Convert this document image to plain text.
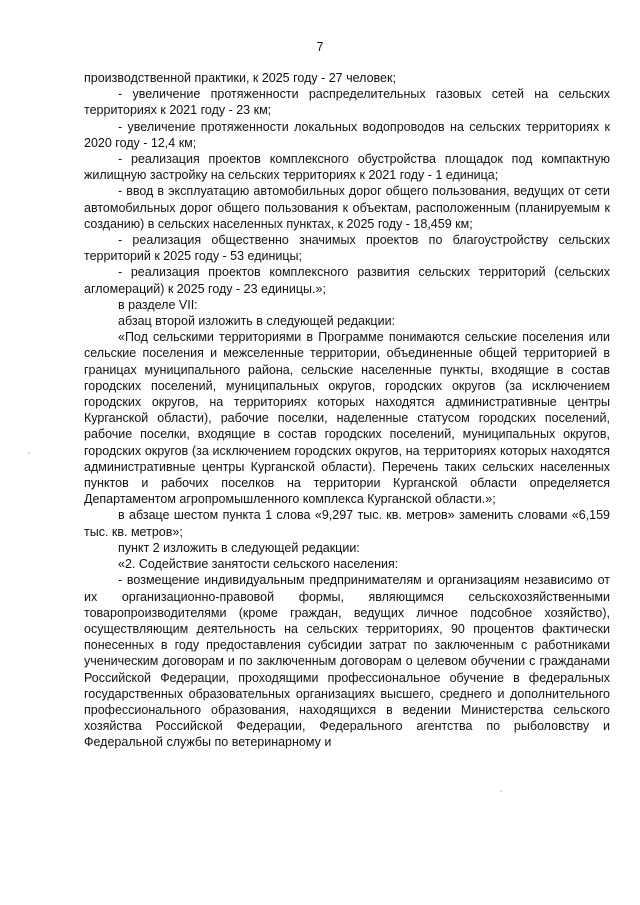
7

производственной практики, к 2025 году - 27 человек;

- увеличение протяженности распределительных газовых сетей на сельских территориях к 2021 году - 23 км;

- увеличение протяженности локальных водопроводов на сельских территориях к 2020 году - 12,4 км;

- реализация проектов комплексного обустройства площадок под компактную жилищную застройку на сельских территориях к 2021 году - 1 единица;

- ввод в эксплуатацию автомобильных дорог общего пользования, ведущих от сети автомобильных дорог общего пользования к объектам, расположенным (планируемым к созданию) в сельских населенных пунктах, к 2025 году - 18,459 км;

- реализация общественно значимых проектов по благоустройству сельских территорий к 2025 году - 53 единицы;

- реализация проектов комплексного развития сельских территорий (сельских агломераций) к 2025 году - 23 единицы.»;

в разделе VII:

абзац второй изложить в следующей редакции:

«Под сельскими территориями в Программе понимаются сельские поселения или сельские поселения и межселенные территории, объединенные общей территорией в границах муниципального района, сельские населенные пункты, входящие в состав городских поселений, муниципальных округов, городских округов (за исключением городских округов, на территориях которых находятся административные центры Курганской области), рабочие поселки, наделенные статусом городских поселений, рабочие поселки, входящие в состав городских поселений, муниципальных округов, городских округов (за исключением городских округов, на территориях которых находятся административные центры Курганской области). Перечень таких сельских населенных пунктов и рабочих поселков на территории Курганской области определяется Департаментом агропромышленного комплекса Курганской области.»;

в абзаце шестом пункта 1 слова «9,297 тыс. кв. метров» заменить словами «6,159 тыс. кв. метров»;

пункт 2 изложить в следующей редакции:

«2. Содействие занятости сельского населения:

- возмещение индивидуальным предпринимателям и организациям независимо от их организационно-правовой формы, являющимся сельскохозяйственными товаропроизводителями (кроме граждан, ведущих личное подсобное хозяйство), осуществляющим деятельность на сельских территориях, 90 процентов фактически понесенных в году предоставления субсидии затрат по заключенным с работниками ученическим договорам и по заключенным договорам о целевом обучении с гражданами Российской Федерации, проходящими профессиональное обучение в федеральных государственных образовательных организациях высшего, среднего и дополнительного профессионального образования, находящихся в ведении Министерства сельского хозяйства Российской Федерации, Федерального агентства по рыболовству и Федеральной службы по ветеринарному и
